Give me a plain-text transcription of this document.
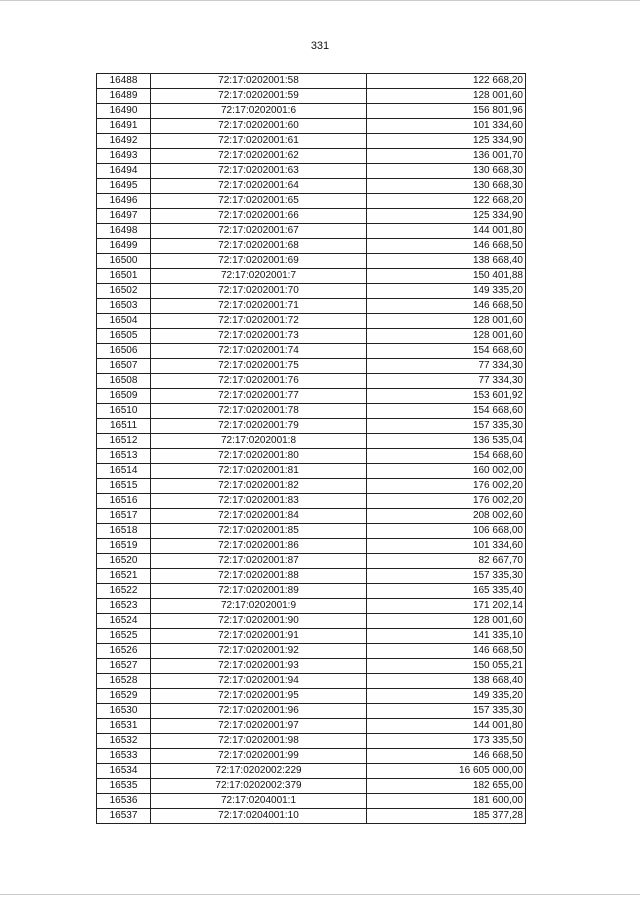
331
16488	72:17:0202001:58	122 668,20
16489	72:17:0202001:59	128 001,60
16490	72:17:0202001:6	156 801,96
16491	72:17:0202001:60	101 334,60
16492	72:17:0202001:61	125 334,90
16493	72:17:0202001:62	136 001,70
16494	72:17:0202001:63	130 668,30
16495	72:17:0202001:64	130 668,30
16496	72:17:0202001:65	122 668,20
16497	72:17:0202001:66	125 334,90
16498	72:17:0202001:67	144 001,80
16499	72:17:0202001:68	146 668,50
16500	72:17:0202001:69	138 668,40
16501	72:17:0202001:7	150 401,88
16502	72:17:0202001:70	149 335,20
16503	72:17:0202001:71	146 668,50
16504	72:17:0202001:72	128 001,60
16505	72:17:0202001:73	128 001,60
16506	72:17:0202001:74	154 668,60
16507	72:17:0202001:75	77 334,30
16508	72:17:0202001:76	77 334,30
16509	72:17:0202001:77	153 601,92
16510	72:17:0202001:78	154 668,60
16511	72:17:0202001:79	157 335,30
16512	72:17:0202001:8	136 535,04
16513	72:17:0202001:80	154 668,60
16514	72:17:0202001:81	160 002,00
16515	72:17:0202001:82	176 002,20
16516	72:17:0202001:83	176 002,20
16517	72:17:0202001:84	208 002,60
16518	72:17:0202001:85	106 668,00
16519	72:17:0202001:86	101 334,60
16520	72:17:0202001:87	82 667,70
16521	72:17:0202001:88	157 335,30
16522	72:17:0202001:89	165 335,40
16523	72:17:0202001:9	171 202,14
16524	72:17:0202001:90	128 001,60
16525	72:17:0202001:91	141 335,10
16526	72:17:0202001:92	146 668,50
16527	72:17:0202001:93	150 055,21
16528	72:17:0202001:94	138 668,40
16529	72:17:0202001:95	149 335,20
16530	72:17:0202001:96	157 335,30
16531	72:17:0202001:97	144 001,80
16532	72:17:0202001:98	173 335,50
16533	72:17:0202001:99	146 668,50
16534	72:17:0202002:229	16 605 000,00
16535	72:17:0202002:379	182 655,00
16536	72:17:0204001:1	181 600,00
16537	72:17:0204001:10	185 377,28
